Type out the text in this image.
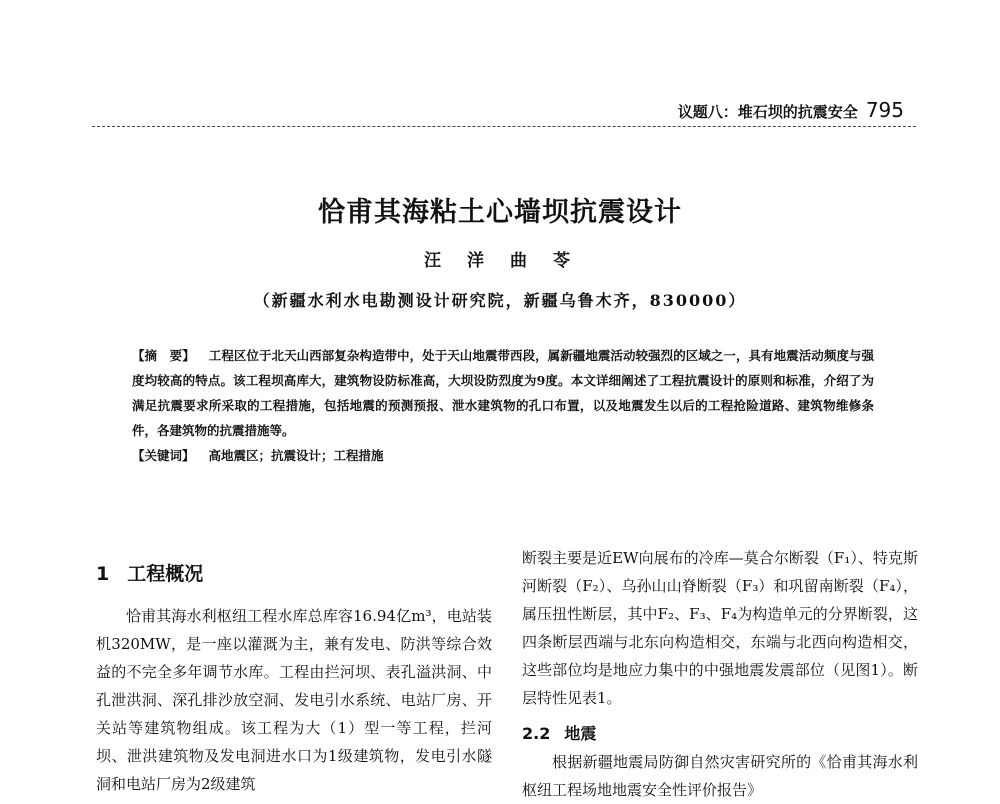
议题八：堆石坝的抗震安全 795
恰甫其海粘土心墙坝抗震设计
汪洋曲苓
（新疆水利水电勘测设计研究院，新疆乌鲁木齐，830000）

【摘　要】 工程区位于北天山西部复杂构造带中，处于天山地震带西段，属新疆地震活动较强烈的区域之一，具有地震活动频度与强度均较高的特点。该工程坝高库大，建筑物设防标准高，大坝设防烈度为9度。本文详细阐述了工程抗震设计的原则和标准，介绍了为满足抗震要求所采取的工程措施，包括地震的预测预报、泄水建筑物的孔口布置，以及地震发生以后的工程抢险道路、建筑物维修条件，各建筑物的抗震措施等。

【关键词】 高地震区；抗震设计；工程措施

1 工程概况

恰甫其海水利枢纽工程水库总库容16.94亿m³，电站装机320MW，是一座以灌溉为主，兼有发电、防洪等综合效益的不完全多年调节水库。工程由拦河坝、表孔溢洪洞、中孔泄洪洞、深孔排沙放空洞、发电引水系统、电站厂房、开关站等建筑物组成。该工程为大（1）型一等工程，拦河坝、泄洪建筑物及发电洞进水口为1级建筑物，发电引水隧洞和电站厂房为2级建筑

断裂主要是近EW向展布的冷库—莫合尔断裂（F₁）、特克斯河断裂（F₂）、乌孙山山脊断裂（F₃）和巩留南断裂（F₄），属压扭性断层，其中F₂、F₃、F₄为构造单元的分界断裂，这四条断层西端与北东向构造相交，东端与北西向构造相交，这些部位均是地应力集中的中强地震发震部位（见图1）。断层特性见表1。

2.2 地震

根据新疆地震局防御自然灾害研究所的《恰甫其海水利枢纽工程场地地震安全性评价报告》
